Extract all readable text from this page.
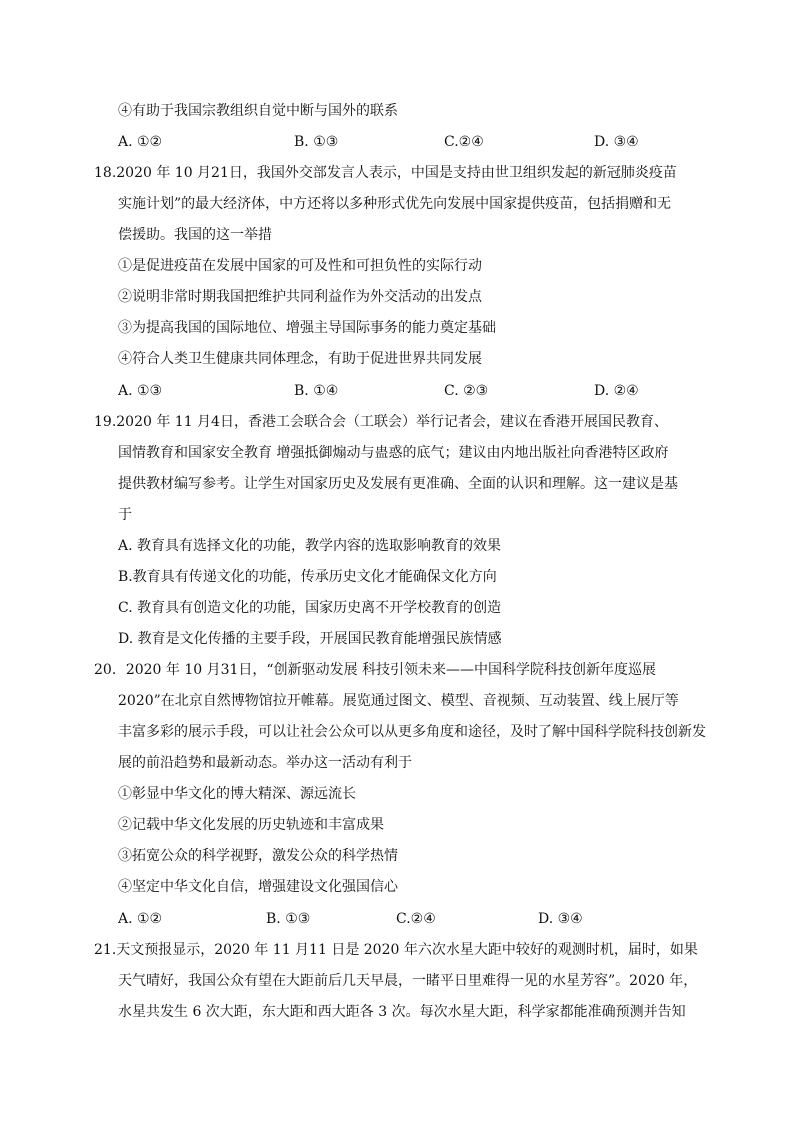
④有助于我国宗教组织自觉中断与国外的联系
A. ①②	B. ①③	C.②④	D. ③④
18.2020 年 10 月21日，我国外交部发言人表示，中国是支持由世卫组织发起的新冠肺炎疫苗
实施计划”的最大经济体，中方还将以多种形式优先向发展中国家提供疫苗，包括捐赠和无
偿援助。我国的这一举措
①是促进疫苗在发展中国家的可及性和可担负性的实际行动
②说明非常时期我国把维护共同利益作为外交活动的出发点
③为提高我国的国际地位、增强主导国际事务的能力奠定基础
④符合人类卫生健康共同体理念，有助于促进世界共同发展
A. ①③	B. ①④	C. ②③	D. ②④
19.2020 年 11 月4日，香港工会联合会（工联会）举行记者会，建议在香港开展国民教育、
国情教育和国家安全教育 增强抵御煽动与蛊惑的底气；建议由内地出版社向香港特区政府
提供教材编写参考。让学生对国家历史及发展有更准确、全面的认识和理解。这一建议是基
于
A. 教育具有选择文化的功能，教学内容的选取影响教育的效果
B.教育具有传递文化的功能，传承历史文化才能确保文化方向
C. 教育具有创造文化的功能，国家历史离不开学校教育的创造
D. 教育是文化传播的主要手段，开展国民教育能增强民族情感
20．2020 年 10 月31日，“创新驱动发展 科技引领未来——中国科学院科技创新年度巡展
2020”在北京自然博物馆拉开帷幕。展览通过图文、模型、音视频、互动装置、线上展厅等
丰富多彩的展示手段，可以让社会公众可以从更多角度和途径，及时了解中国科学院科技创新发
展的前沿趋势和最新动态。举办这一活动有利于
①彰显中华文化的博大精深、源远流长
②记载中华文化发展的历史轨迹和丰富成果
③拓宽公众的科学视野，激发公众的科学热情
④坚定中华文化自信，增强建设文化强国信心
A. ①②	B. ①③	C.②④	D. ③④
21.天文预报显示，2020 年 11 月11 日是 2020 年六次水星大距中较好的观测时机，届时，如果
天气晴好，我国公众有望在大距前后几天早晨，一睹平日里难得一见的水星芳容”。2020 年，
水星共发生 6 次大距，东大距和西大距各 3 次。每次水星大距，科学家都能准确预测并告知
